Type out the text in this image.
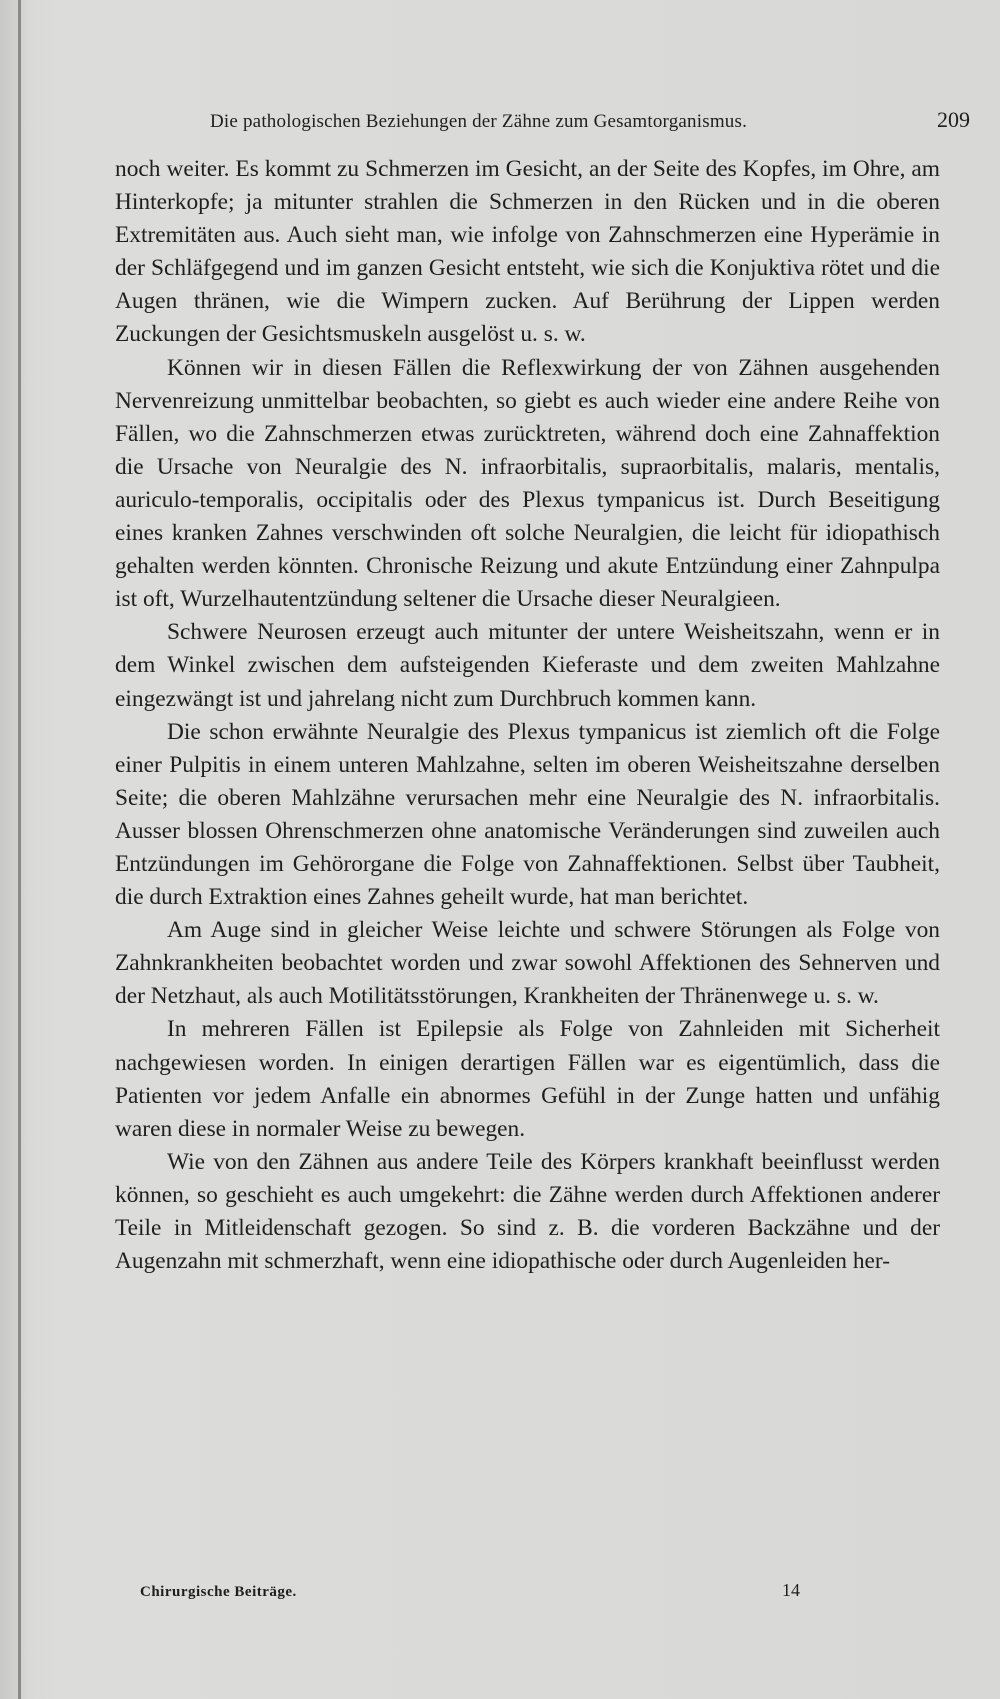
Die pathologischen Beziehungen der Zähne zum Gesamtorganismus.	209

noch weiter. Es kommt zu Schmerzen im Gesicht, an der Seite des Kopfes, im Ohre, am Hinterkopfe; ja mitunter strahlen die Schmerzen in den Rücken und in die oberen Extremitäten aus. Auch sieht man, wie infolge von Zahnschmerzen eine Hyperämie in der Schläfgegend und im ganzen Gesicht entsteht, wie sich die Konjuktiva rötet und die Augen thränen, wie die Wimpern zucken. Auf Berührung der Lippen werden Zuckungen der Gesichtsmuskeln ausgelöst u. s. w.

Können wir in diesen Fällen die Reflexwirkung der von Zähnen ausgehenden Nervenreizung unmittelbar beobachten, so giebt es auch wieder eine andere Reihe von Fällen, wo die Zahnschmerzen etwas zurücktreten, während doch eine Zahnaffektion die Ursache von Neuralgie des N. infraorbitalis, supraorbitalis, malaris, mentalis, auriculo-temporalis, occipitalis oder des Plexus tympanicus ist. Durch Beseitigung eines kranken Zahnes verschwinden oft solche Neuralgien, die leicht für idiopathisch gehalten werden könnten. Chronische Reizung und akute Entzündung einer Zahnpulpa ist oft, Wurzelhautentzündung seltener die Ursache dieser Neuralgieen.

Schwere Neurosen erzeugt auch mitunter der untere Weisheitszahn, wenn er in dem Winkel zwischen dem aufsteigenden Kieferaste und dem zweiten Mahlzahne eingezwängt ist und jahrelang nicht zum Durchbruch kommen kann.

Die schon erwähnte Neuralgie des Plexus tympanicus ist ziemlich oft die Folge einer Pulpitis in einem unteren Mahlzahne, selten im oberen Weisheitszahne derselben Seite; die oberen Mahlzähne verursachen mehr eine Neuralgie des N. infraorbitalis. Ausser blossen Ohrenschmerzen ohne anatomische Veränderungen sind zuweilen auch Entzündungen im Gehörorgane die Folge von Zahnaffektionen. Selbst über Taubheit, die durch Extraktion eines Zahnes geheilt wurde, hat man berichtet.

Am Auge sind in gleicher Weise leichte und schwere Störungen als Folge von Zahnkrankheiten beobachtet worden und zwar sowohl Affektionen des Sehnerven und der Netzhaut, als auch Motilitätsstörungen, Krankheiten der Thränenwege u. s. w.

In mehreren Fällen ist Epilepsie als Folge von Zahnleiden mit Sicherheit nachgewiesen worden. In einigen derartigen Fällen war es eigentümlich, dass die Patienten vor jedem Anfalle ein abnormes Gefühl in der Zunge hatten und unfähig waren diese in normaler Weise zu bewegen.

Wie von den Zähnen aus andere Teile des Körpers krankhaft beeinflusst werden können, so geschieht es auch umgekehrt: die Zähne werden durch Affektionen anderer Teile in Mitleidenschaft gezogen. So sind z. B. die vorderen Backzähne und der Augenzahn mit schmerzhaft, wenn eine idiopathische oder durch Augenleiden her-

Chirurgische Beiträge.	14
